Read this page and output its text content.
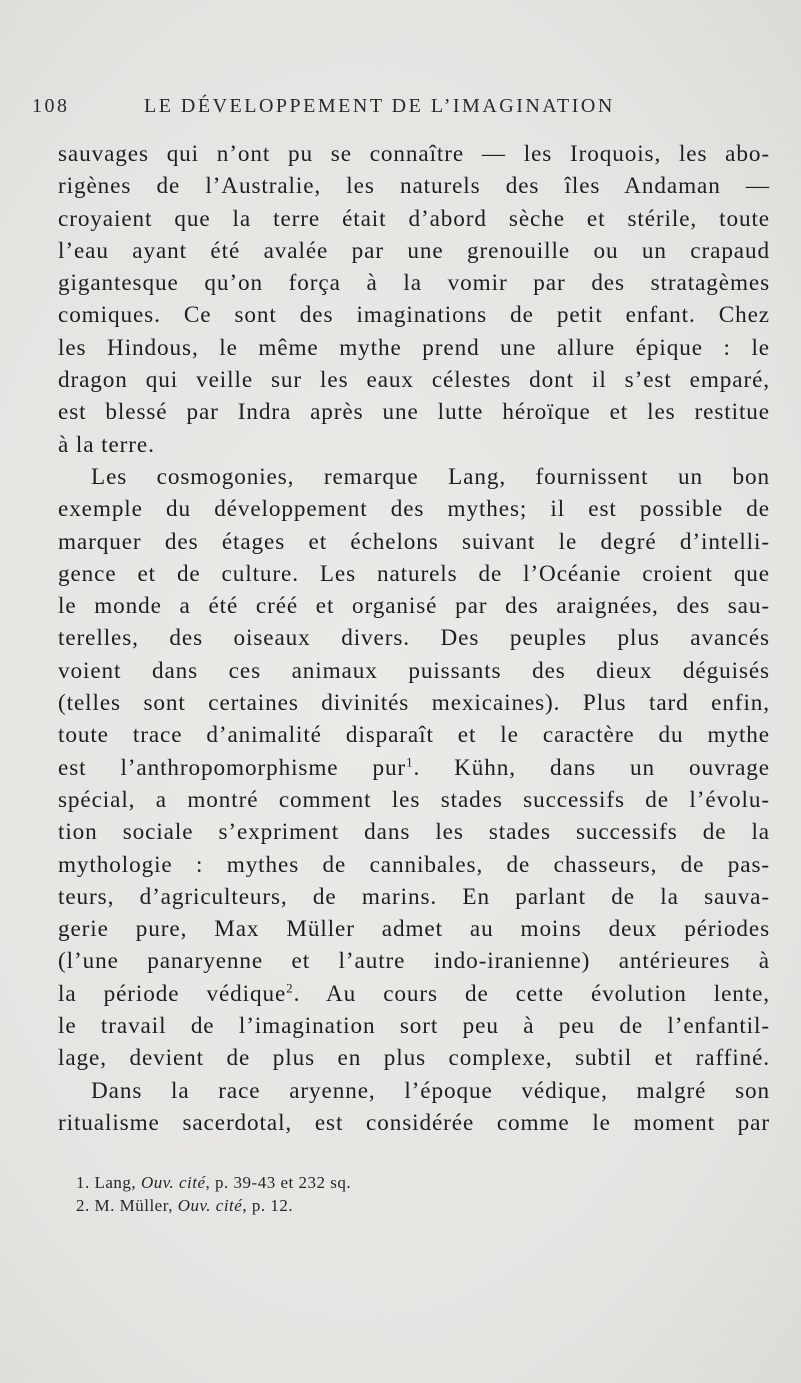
108	LE DÉVELOPPEMENT DE L’IMAGINATION
sauvages qui n’ont pu se connaître — les Iroquois, les abo-
rigènes de l’Australie, les naturels des îles Andaman —
croyaient que la terre était d’abord sèche et stérile, toute
l’eau ayant été avalée par une grenouille ou un crapaud
gigantesque qu’on força à la vomir par des stratagèmes
comiques. Ce sont des imaginations de petit enfant. Chez
les Hindous, le même mythe prend une allure épique : le
dragon qui veille sur les eaux célestes dont il s’est emparé,
est blessé par Indra après une lutte héroïque et les restitue
à la terre.
Les cosmogonies, remarque Lang, fournissent un bon
exemple du développement des mythes; il est possible de
marquer des étages et échelons suivant le degré d’intelli-
gence et de culture. Les naturels de l’Océanie croient que
le monde a été créé et organisé par des araignées, des sau-
terelles, des oiseaux divers. Des peuples plus avancés
voient dans ces animaux puissants des dieux déguisés
(telles sont certaines divinités mexicaines). Plus tard enfin,
toute trace d’animalité disparaît et le caractère du mythe
est l’anthropomorphisme pur$^1$. Kühn, dans un ouvrage
spécial, a montré comment les stades successifs de l’évolu-
tion sociale s’expriment dans les stades successifs de la
mythologie : mythes de cannibales, de chasseurs, de pas-
teurs, d’agriculteurs, de marins. En parlant de la sauva-
gerie pure, Max Müller admet au moins deux périodes
(l’une panaryenne et l’autre indo-iranienne) antérieures à
la période védique$^2$. Au cours de cette évolution lente,
le travail de l’imagination sort peu à peu de l’enfantil-
lage, devient de plus en plus complexe, subtil et raffiné.
Dans la race aryenne, l’époque védique, malgré son
ritualisme sacerdotal, est considérée comme le moment par
1. Lang, Ouv. cité, p. 39-43 et 232 sq.
2. M. Müller, Ouv. cité, p. 12.
